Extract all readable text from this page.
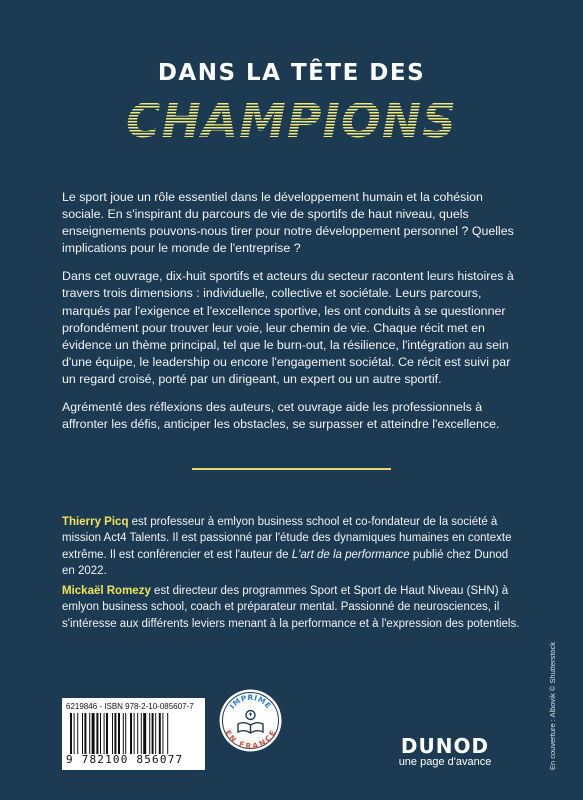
DANS LA TÊTE DES
CHAMPIONS

Le sport joue un rôle essentiel dans le développement humain et la cohésion sociale. En s'inspirant du parcours de vie de sportifs de haut niveau, quels enseignements pouvons-nous tirer pour notre développement personnel ? Quelles implications pour le monde de l'entreprise ?

Dans cet ouvrage, dix-huit sportifs et acteurs du secteur racontent leurs histoires à travers trois dimensions : individuelle, collective et sociétale. Leurs parcours, marqués par l'exigence et l'excellence sportive, les ont conduits à se questionner profondément pour trouver leur voie, leur chemin de vie. Chaque récit met en évidence un thème principal, tel que le burn-out, la résilience, l'intégration au sein d'une équipe, le leadership ou encore l'engagement sociétal. Ce récit est suivi par un regard croisé, porté par un dirigeant, un expert ou un autre sportif.

Agrémenté des réflexions des auteurs, cet ouvrage aide les professionnels à affronter les défis, anticiper les obstacles, se surpasser et atteindre l'excellence.

Thierry Picq est professeur à emlyon business school et co-fondateur de la société à mission Act4 Talents. Il est passionné par l'étude des dynamiques humaines en contexte extrême. Il est conférencier et est l'auteur de L'art de la performance publié chez Dunod en 2022.
Mickaël Romezy est directeur des programmes Sport et Sport de Haut Niveau (SHN) à emlyon business school, coach et préparateur mental. Passionné de neurosciences, il s'intéresse aux différents leviers menant à la performance et à l'expression des potentiels.
En couverture : Albovik © Shutterstock
6219846 - ISBN 978-2-10-085607-7
9 782100 856077
IMPRIMÉ
EN FRANCE
DUNOD
une page d'avance
